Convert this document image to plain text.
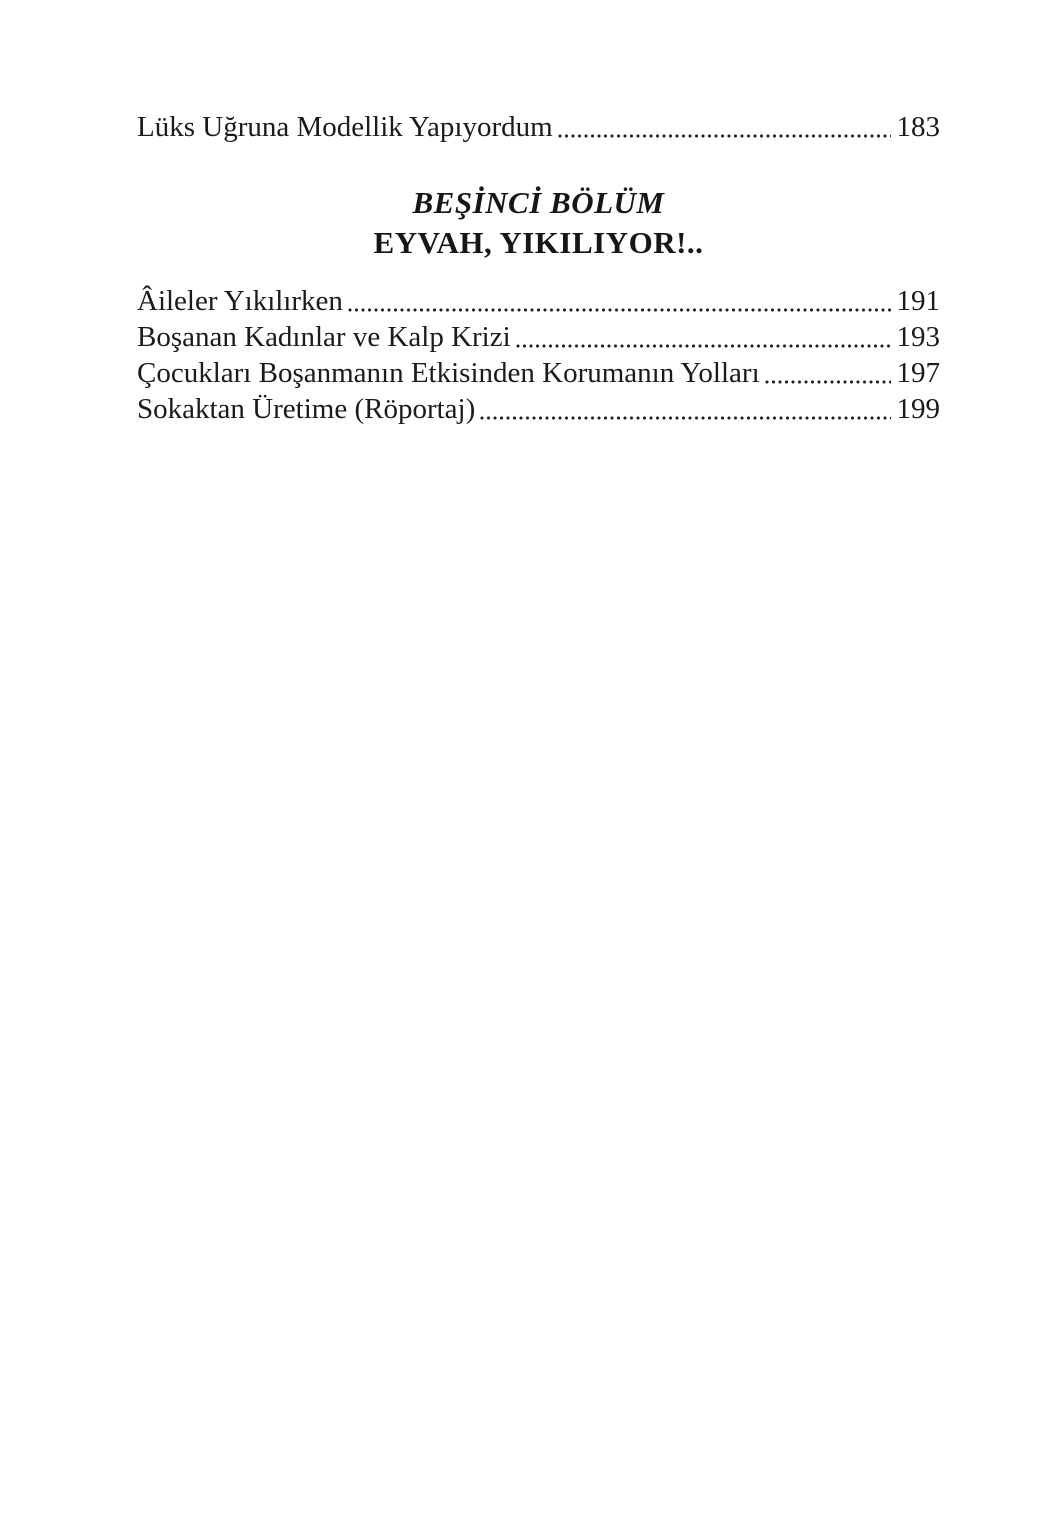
Lüks Uğruna Modellik Yapıyordum	183
BEŞİNCİ BÖLÜM
EYVAH, YIKILIYOR!..
Âileler Yıkılırken	191
Boşanan Kadınlar ve Kalp Krizi	193
Çocukları Boşanmanın Etkisinden Korumanın Yolları	197
Sokaktan Üretime (Röportaj)	199
